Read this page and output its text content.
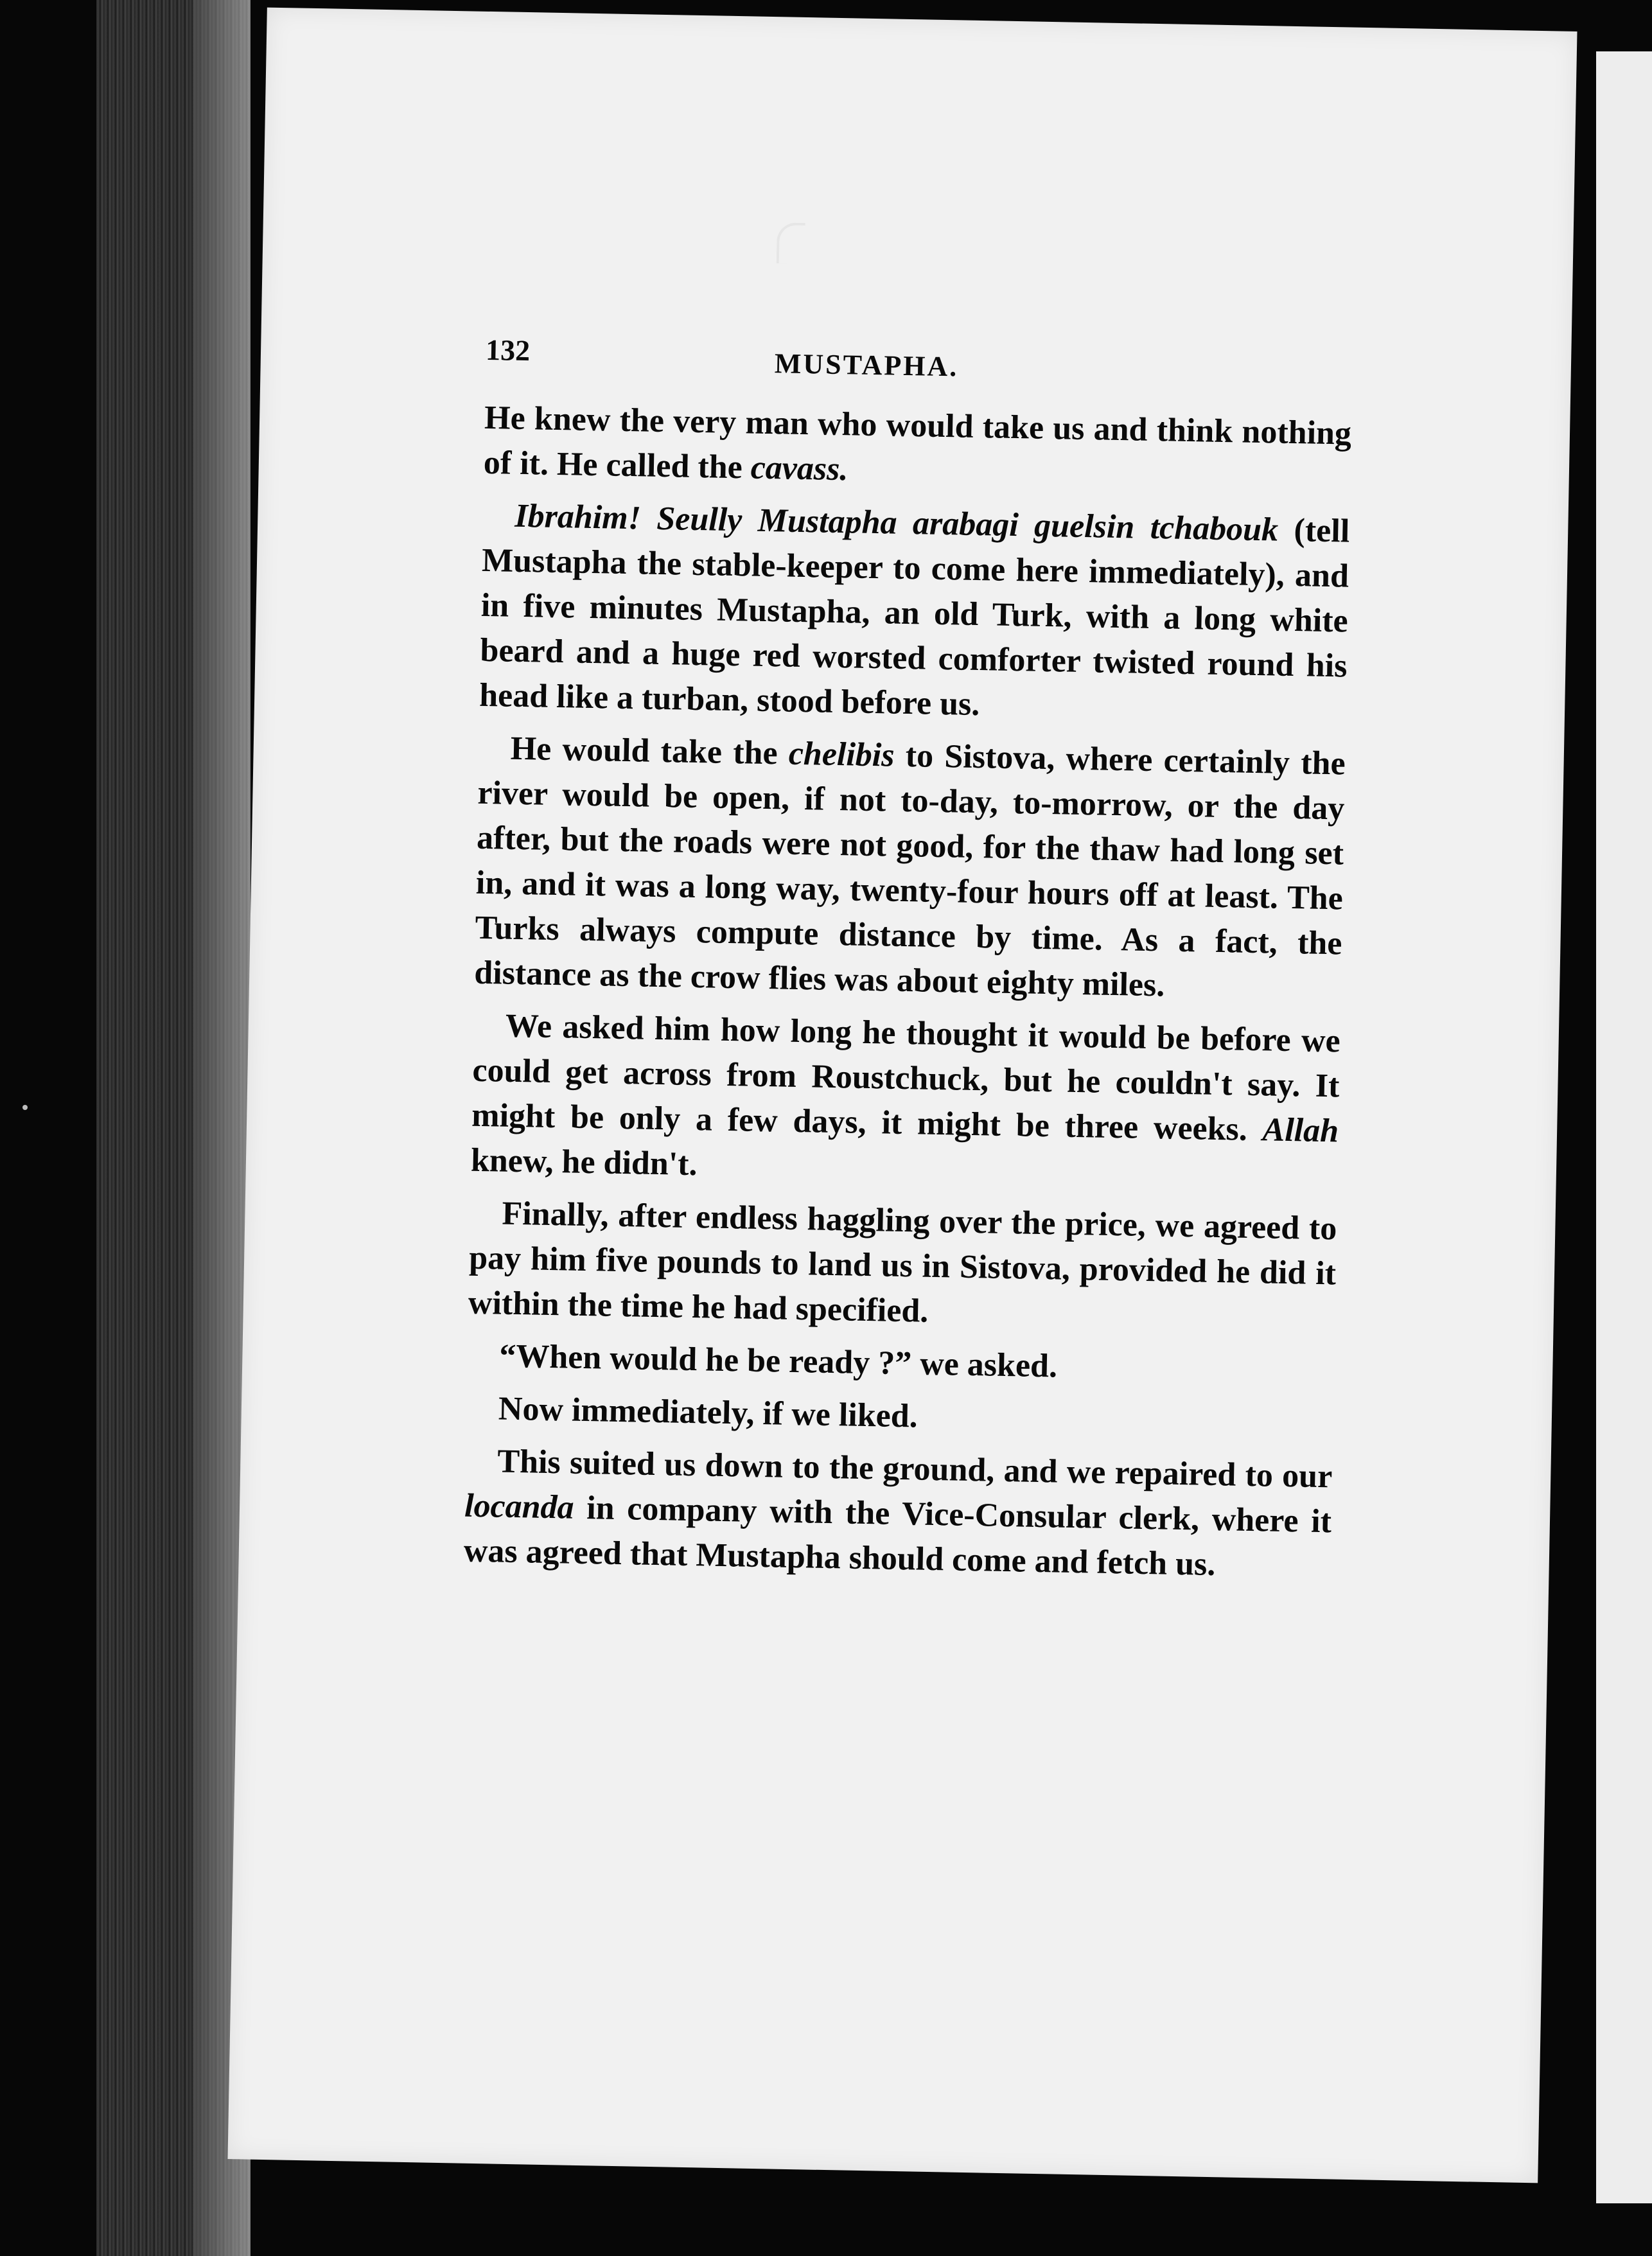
132	MUSTAPHA.

He knew the very man who would take us and think nothing of it. He called the cavass.

Ibrahim! Seully Mustapha arabagi guelsin tchabouk (tell Mustapha the stable-keeper to come here immediately), and in five minutes Mustapha, an old Turk, with a long white beard and a huge red worsted comforter twisted round his head like a turban, stood before us.

He would take the chelibis to Sistova, where certainly the river would be open, if not to-day, to-morrow, or the day after, but the roads were not good, for the thaw had long set in, and it was a long way, twenty-four hours off at least. The Turks always compute distance by time. As a fact, the distance as the crow flies was about eighty miles.

We asked him how long he thought it would be before we could get across from Roustchuck, but he couldn't say. It might be only a few days, it might be three weeks. Allah knew, he didn't.

Finally, after endless haggling over the price, we agreed to pay him five pounds to land us in Sistova, provided he did it within the time he had specified.

“When would he be ready ?” we asked.

Now immediately, if we liked.

This suited us down to the ground, and we repaired to our locanda in company with the Vice-Consular clerk, where it was agreed that Mustapha should come and fetch us.
